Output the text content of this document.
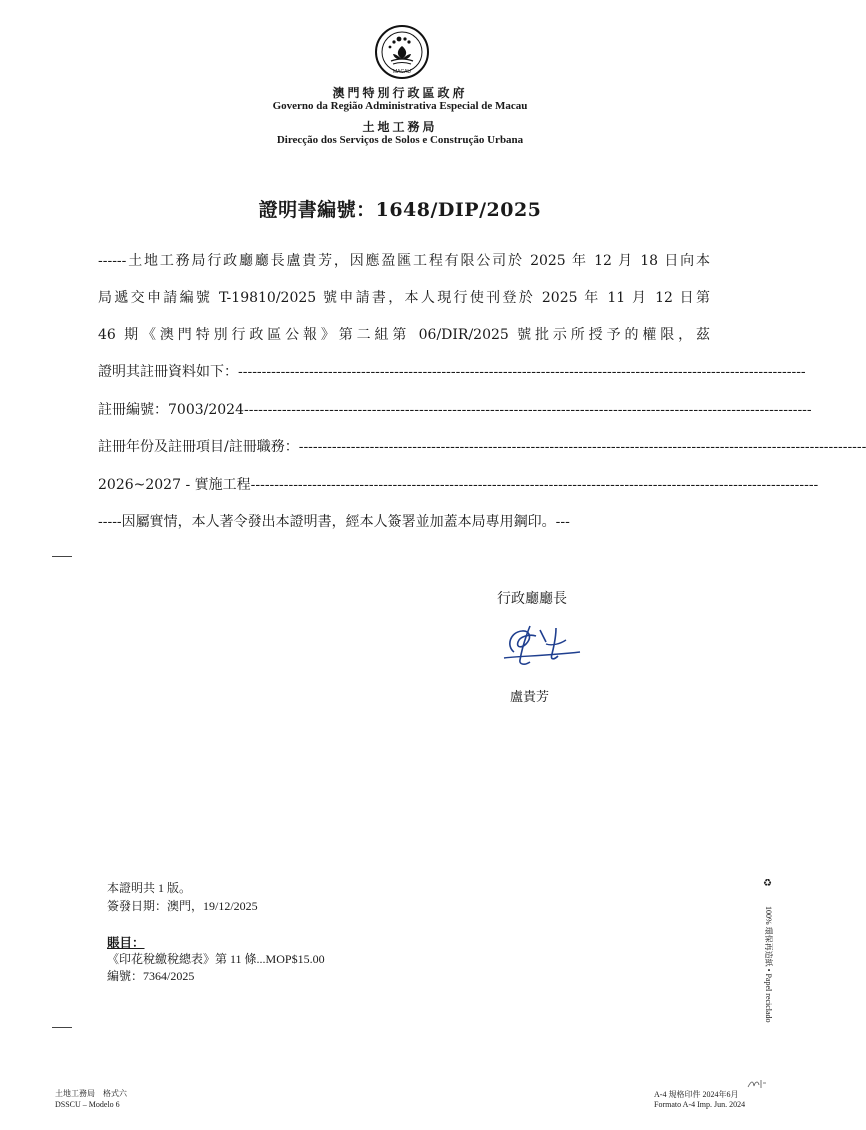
MACAU
澳門特別行政區政府
Governo da Região Administrativa Especial de Macau
土地工務局
Direcção dos Serviços de Solos e Construção Urbana
證明書編號：1648/DIP/2025
------土地工務局行政廳廳長盧貴芳，因應盈匯工程有限公司於 2025 年 12 月 18 日向本
局遞交申請編號 T-19810/2025 號申請書，本人現行使刊登於 2025 年 11 月 12 日第
46 期《澳門特別行政區公報》第二組第 06/DIR/2025 號批示所授予的權限，茲
證明其註冊資料如下：------------------------------------------------------------------------------------------------------------------------
註冊編號：7003/2024------------------------------------------------------------------------------------------------------------------------
註冊年份及註冊項目/註冊職務：------------------------------------------------------------------------------------------------------------------------
2026~2027 - 實施工程------------------------------------------------------------------------------------------------------------------------
-----因屬實情，本人著令發出本證明書，經本人簽署並加蓋本局專用鋼印。---
行政廳廳長
盧貴芳
本證明共 1 版。
簽發日期：澳門，19/12/2025
賬目：
《印花稅繳稅總表》第 11 條...MOP$15.00
編號：7364/2025
土地工務局　格式六
DSSCU – Modelo 6
A-4 規格印件 2024年6月
Formato A-4 Imp. Jun. 2024
♻
100% 環保再造紙 • Papel reciclado
